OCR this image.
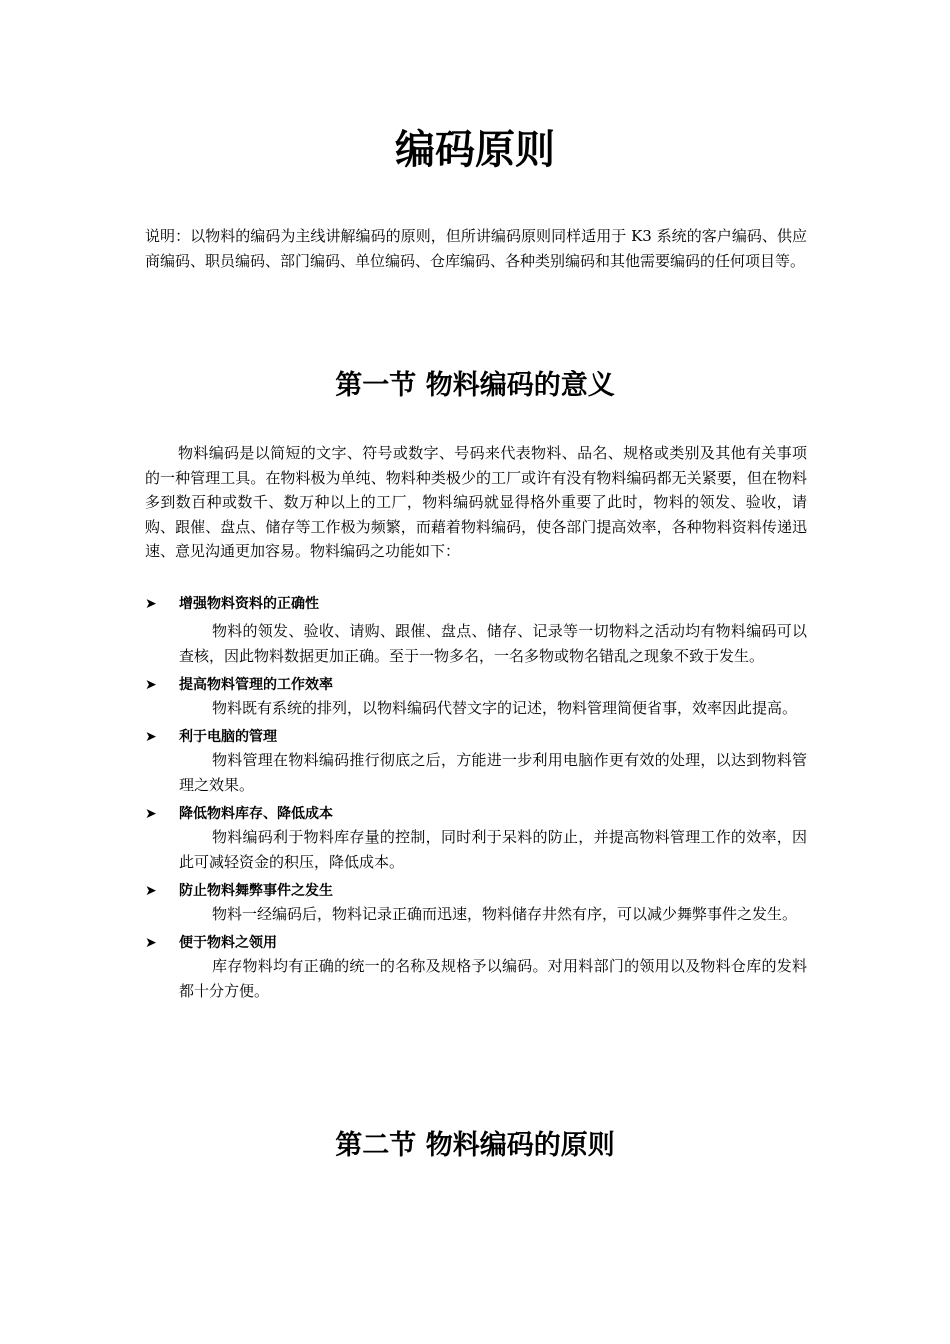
编码原则

说明：以物料的编码为主线讲解编码的原则，但所讲编码原则同样适用于 K3 系统的客户编码、供应商编码、职员编码、部门编码、单位编码、仓库编码、各种类别编码和其他需要编码的任何项目等。

第一节 物料编码的意义

物料编码是以简短的文字、符号或数字、号码来代表物料、品名、规格或类别及其他有关事项的一种管理工具。在物料极为单纯、物料种类极少的工厂或许有没有物料编码都无关紧要，但在物料多到数百种或数千、数万种以上的工厂，物料编码就显得格外重要了此时，物料的领发、验收，请购、跟催、盘点、储存等工作极为频繁，而藉着物料编码，使各部门提高效率，各种物料资料传递迅速、意见沟通更加容易。物料编码之功能如下：

➤ 增强物料资料的正确性
物料的领发、验收、请购、跟催、盘点、储存、记录等一切物料之活动均有物料编码可以查核，因此物料数据更加正确。至于一物多名，一名多物或物名错乱之现象不致于发生。
➤ 提高物料管理的工作效率
物料既有系统的排列，以物料编码代替文字的记述，物料管理简便省事，效率因此提高。
➤ 利于电脑的管理
物料管理在物料编码推行彻底之后，方能进一步利用电脑作更有效的处理，以达到物料管理之效果。
➤ 降低物料库存、降低成本
物料编码利于物料库存量的控制，同时利于呆料的防止，并提高物料管理工作的效率，因此可减轻资金的积压，降低成本。
➤ 防止物料舞弊事件之发生
物料一经编码后，物料记录正确而迅速，物料储存井然有序，可以减少舞弊事件之发生。
➤ 便于物料之领用
库存物料均有正确的统一的名称及规格予以编码。对用料部门的领用以及物料仓库的发料都十分方便。
第二节 物料编码的原则
